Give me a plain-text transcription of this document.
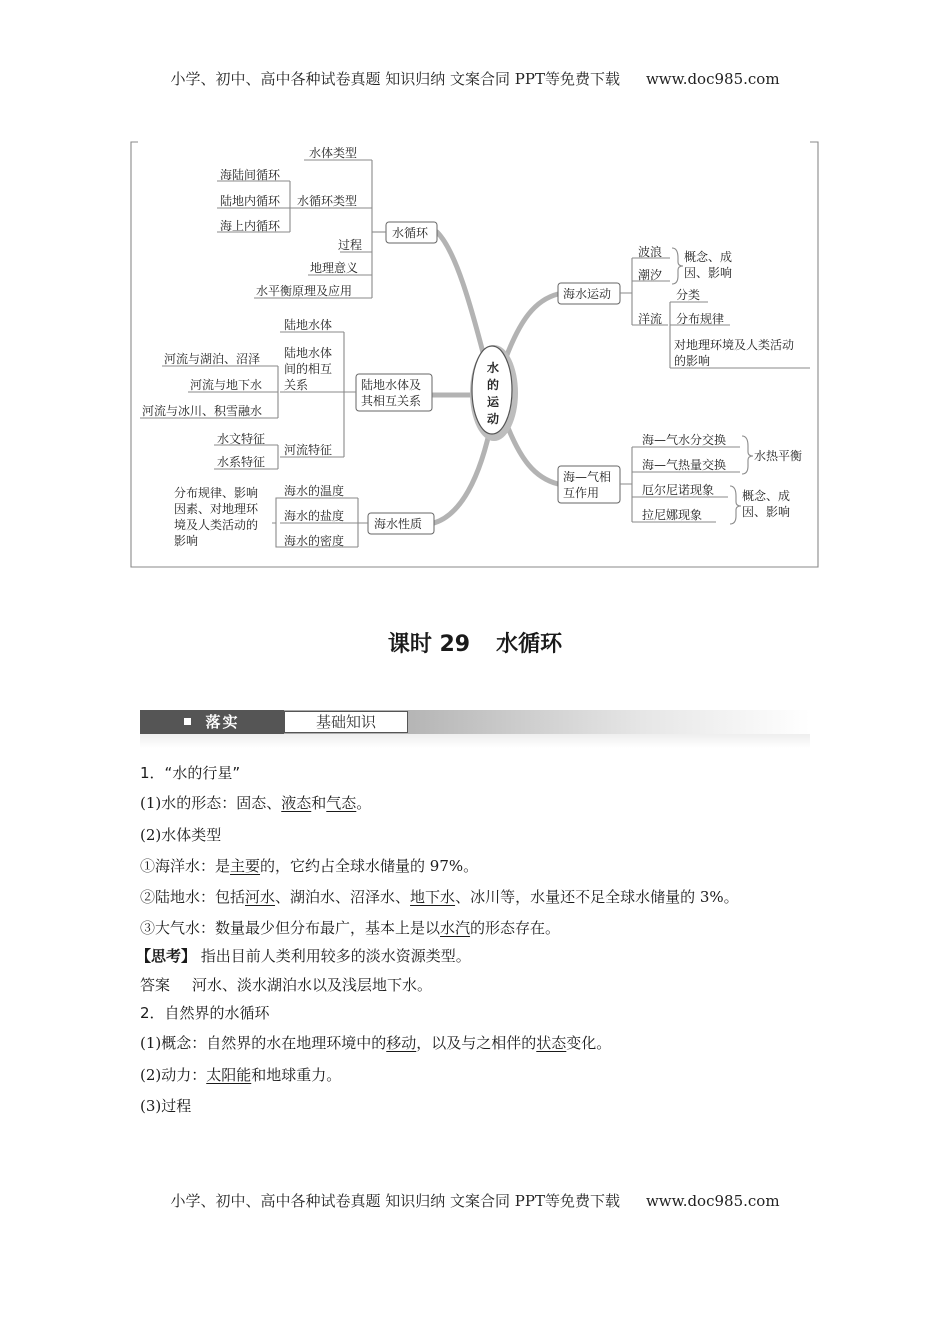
小学、初中、高中各种试卷真题 知识归纳 文案合同 PPT等免费下载 www.doc985.com
水
的
运
动
水循环
水体类型
水循环类型
过程
地理意义
水平衡原理及应用
海陆间循环
陆地内循环
海上内循环
陆地水体及
其相互关系
陆地水体
陆地水体
间的相互
关系
河流与湖泊、沼泽
河流与地下水
河流与冰川、积雪融水
河流特征
水文特征
水系特征
海水性质
海水的温度
海水的盐度
海水的密度
分布规律、影响
因素、对地理环
境及人类活动的
影响
海水运动
波浪
潮汐
概念、成
因、影响
洋流
分类
分布规律
对地理环境及人类活动
的影响
海—气相
互作用
海—气水分交换
海—气热量交换
水热平衡
厄尔尼诺现象
拉尼娜现象
概念、成
因、影响
课时 29 水循环
落实	基础知识
1．“水的行星”
(1)水的形态：固态、液态和气态。
(2)水体类型
①海洋水：是主要的，它约占全球水储量的 97%。
②陆地水：包括河水、湖泊水、沼泽水、地下水、冰川等，水量还不足全球水储量的 3%。
③大气水：数量最少但分布最广，基本上是以水汽的形态存在。
【思考】 指出目前人类利用较多的淡水资源类型。
答案 河水、淡水湖泊水以及浅层地下水。
2．自然界的水循环
(1)概念：自然界的水在地理环境中的移动，以及与之相伴的状态变化。
(2)动力：太阳能和地球重力。
(3)过程
小学、初中、高中各种试卷真题 知识归纳 文案合同 PPT等免费下载 www.doc985.com
